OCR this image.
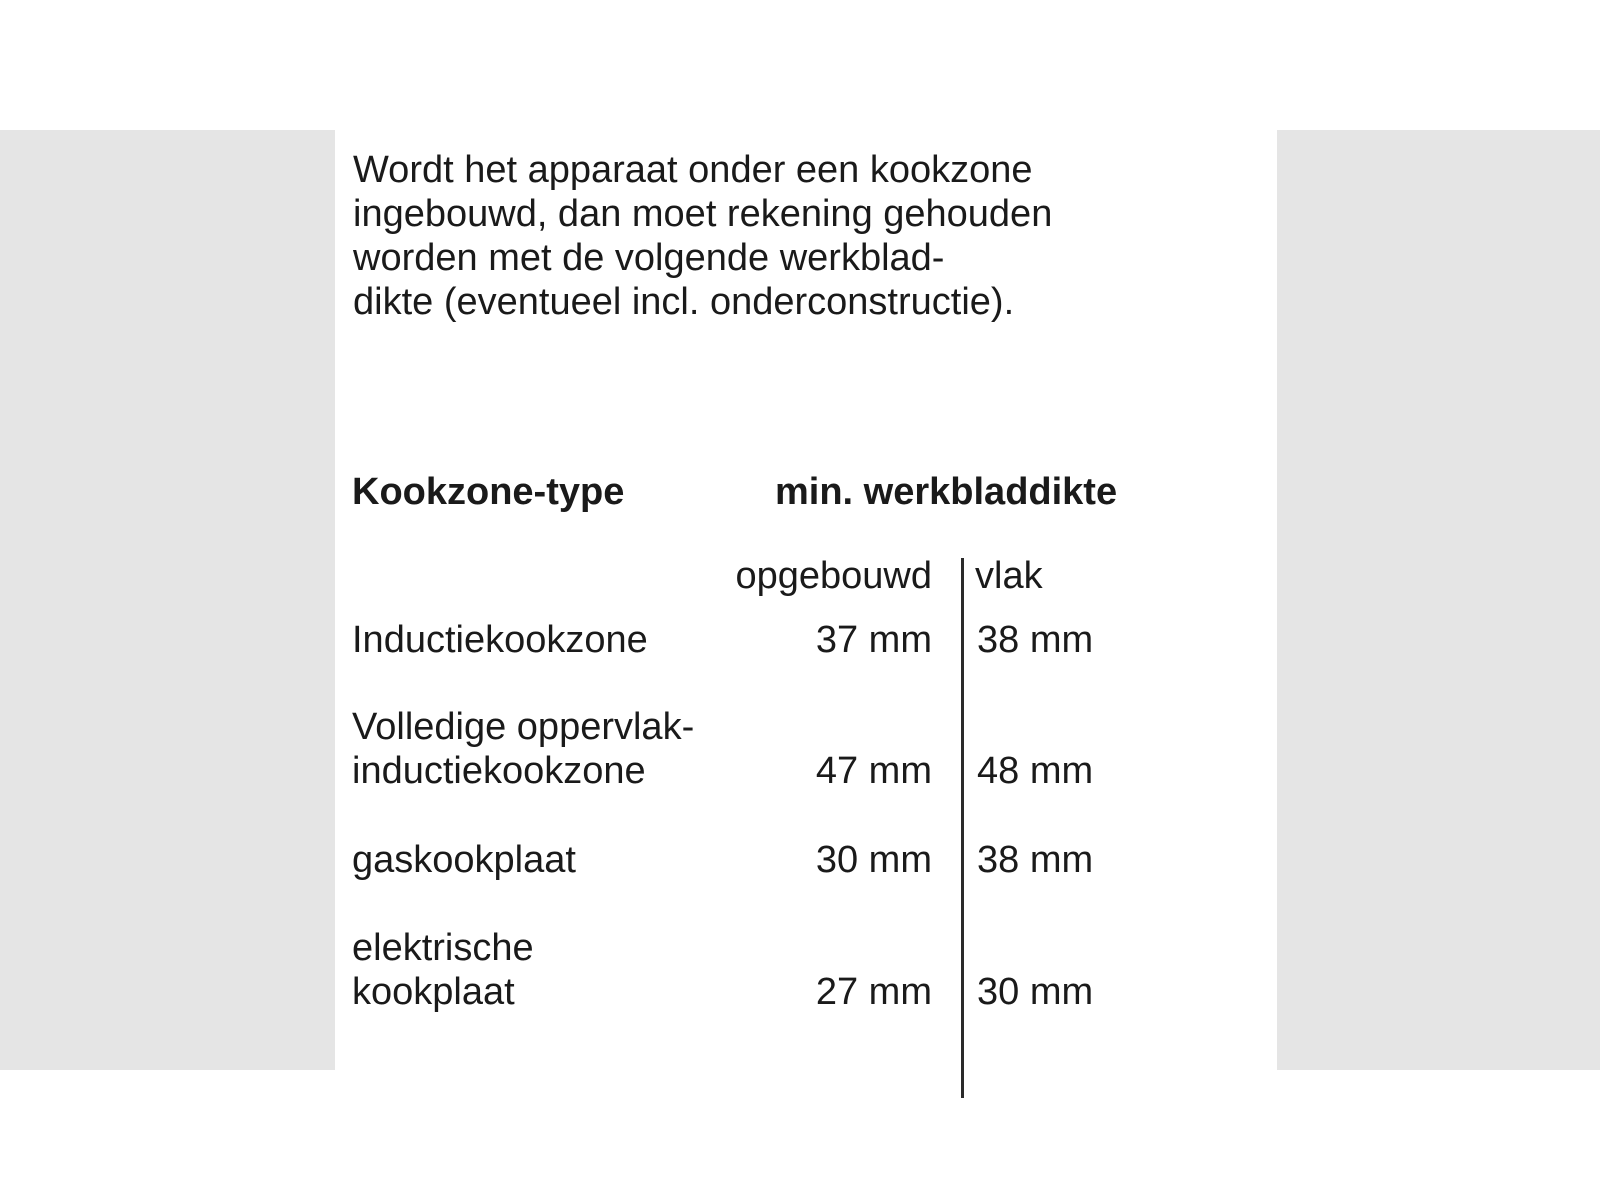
Wordt het apparaat onder een kookzone
ingebouwd, dan moet rekening gehouden
worden met de volgende werkblad-
dikte (eventueel incl. onderconstructie).

Kookzone-type	min. werkbladdikte
opgebouwd vlak
Inductiekookzone	37 mm 38 mm
Volledige oppervlak-
inductiekookzone	47 mm 48 mm
gaskookplaat	30 mm 38 mm
elektrische
kookplaat	27 mm 30 mm
